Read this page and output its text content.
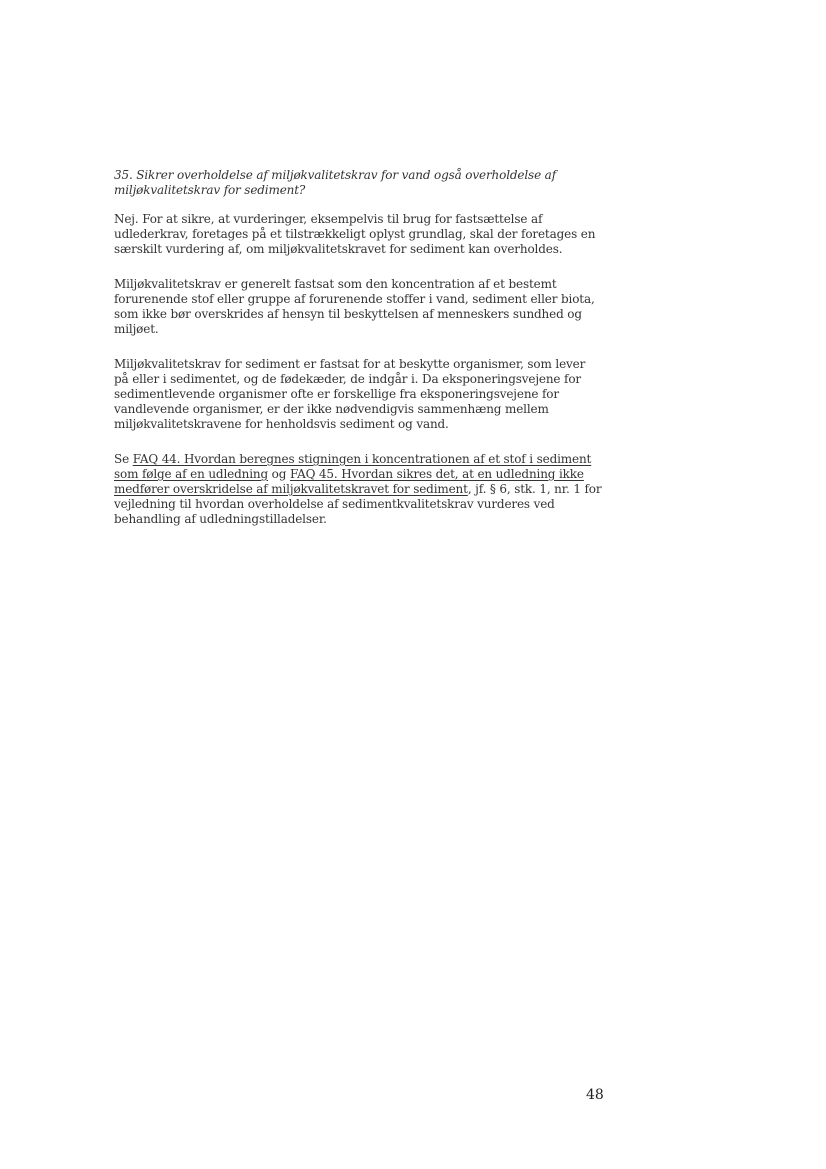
35. Sikrer overholdelse af miljøkvalitetskrav for vand også overholdelse af miljøkvalitetskrav for sediment?

Nej. For at sikre, at vurderinger, eksempelvis til brug for fastsættelse af udlederkrav, foretages på et tilstrækkeligt oplyst grundlag, skal der foretages en særskilt vurdering af, om miljøkvalitetskravet for sediment kan overholdes.

Miljøkvalitetskrav er generelt fastsat som den koncentration af et bestemt forurenende stof eller gruppe af forurenende stoffer i vand, sediment eller biota, som ikke bør overskrides af hensyn til beskyttelsen af menneskers sundhed og miljøet.

Miljøkvalitetskrav for sediment er fastsat for at beskytte organismer, som lever på eller i sedimentet, og de fødekæder, de indgår i. Da eksponeringsvejene for sedimentlevende organismer ofte er forskellige fra eksponeringsvejene for vandlevende organismer, er der ikke nødvendigvis sammenhæng mellem miljøkvalitetskravene for henholdsvis sediment og vand.

Se FAQ 44. Hvordan beregnes stigningen i koncentrationen af et stof i sediment som følge af en udledning og FAQ 45. Hvordan sikres det, at en udledning ikke medfører overskridelse af miljøkvalitetskravet for sediment, jf. § 6, stk. 1, nr. 1 for vejledning til hvordan overholdelse af sedimentkvalitetskrav vurderes ved behandling af udledningstilladelser.

48
